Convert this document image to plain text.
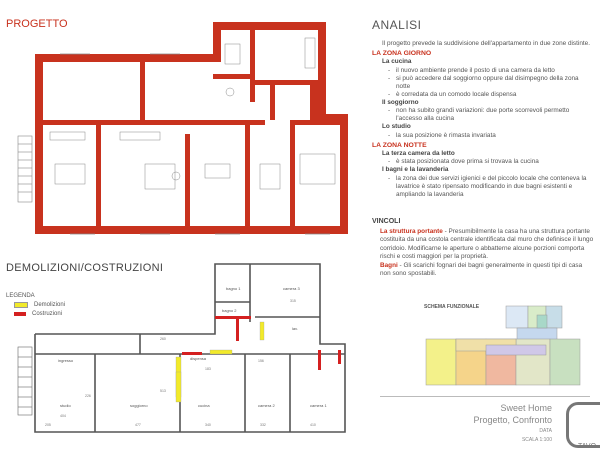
PROGETTO	ANALISI
Il progetto prevede la suddivisione dell'appartamento in due zone distinte.
LA ZONA GIORNO
La cucina
- il nuovo ambiente prende il posto di una camera da letto
- si può accedere dal soggiorno oppure dal disimpegno della zona notte
- è corredata da un comodo locale dispensa
Il soggiorno
- non ha subito grandi variazioni: due porte scorrevoli permetto l'accesso alla cucina
Lo studio
- la sua posizione è rimasta invariata
LA ZONA NOTTE
La terza camera da letto
- è stata posizionata dove prima si trovava la cucina
I bagni e la lavanderia
- la zona dei due servizi igienici e del piccolo locale che conteneva la lavatrice è stato ripensato modificando in due bagni esistenti e ampliando la lavanderia
VINCOLI

La struttura portante - Presumibilmente la casa ha una struttura portante costituita da una costola centrale identificata dal muro che definisce il lungo corridoio. Modificarne le aperture o abbatterne alcune porzioni comporta rischi e costi maggiori per la proprietà.

Bagni - Gli scarichi fognari dei bagni generalmente in questi tipi di casa non sono spostabili.

SCHEMA FUNZIONALE
DEMOLIZIONI/COSTRUZIONI
LEGENDA
Demolizioni
Costruzioni
ingresso
studio	soggiorno	cucina	camera 2	camera 1
camera 3
bagno 1
bagno 2
dispensa
lav.
404
226
513
477	340
205	332	410
260
315
183
156
Sweet Home
Progetto, Confronto
DATA
SCALA 1:100
TAVO
